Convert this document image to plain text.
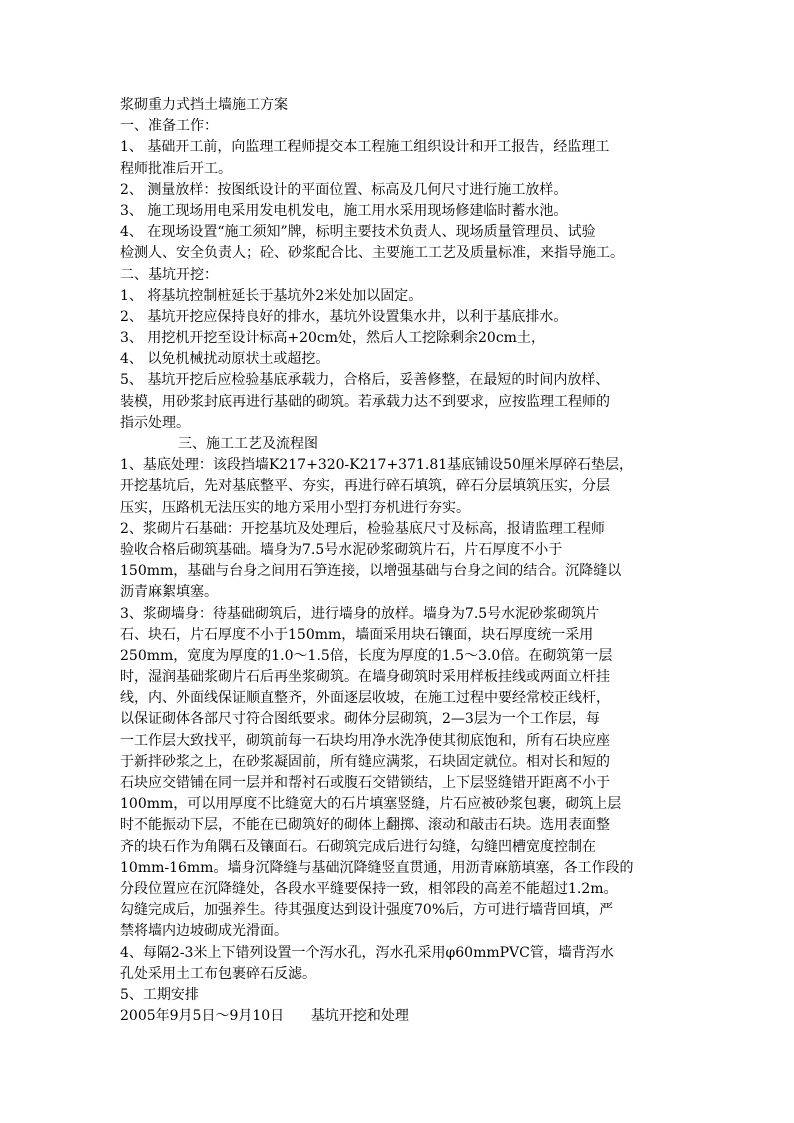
浆砌重力式挡土墙施工方案
一、准备工作：
1、 基础开工前，向监理工程师提交本工程施工组织设计和开工报告，经监理工
程师批准后开工。
2、 测量放样：按图纸设计的平面位置、标高及几何尺寸进行施工放样。
3、 施工现场用电采用发电机发电，施工用水采用现场修建临时蓄水池。
4、 在现场设置“施工须知”牌，标明主要技术负责人、现场质量管理员、试验
检测人、安全负责人；砼、砂浆配合比、主要施工工艺及质量标准，来指导施工。
二、基坑开挖：
1、 将基坑控制桩延长于基坑外2米处加以固定。
2、 基坑开挖应保持良好的排水，基坑外设置集水井，以利于基底排水。
3、 用挖机开挖至设计标高+20cm处，然后人工挖除剩余20cm土，
4、 以免机械扰动原状土或超挖。
5、 基坑开挖后应检验基底承载力，合格后，妥善修整，在最短的时间内放样、
装模，用砂浆封底再进行基础的砌筑。若承载力达不到要求，应按监理工程师的
指示处理。
三、施工工艺及流程图
1、基底处理：该段挡墙K217+320-K217+371.81基底铺设50厘米厚碎石垫层，
开挖基坑后，先对基底整平、夯实，再进行碎石填筑，碎石分层填筑压实，分层
压实，压路机无法压实的地方采用小型打夯机进行夯实。
2、浆砌片石基础：开挖基坑及处理后，检验基底尺寸及标高，报请监理工程师
验收合格后砌筑基础。墙身为7.5号水泥砂浆砌筑片石，片石厚度不小于
150mm，基础与台身之间用石笋连接，以增强基础与台身之间的结合。沉降缝以
沥青麻絮填塞。
3、浆砌墙身：待基础砌筑后，进行墙身的放样。墙身为7.5号水泥砂浆砌筑片
石、块石，片石厚度不小于150mm，墙面采用块石镶面，块石厚度统一采用
250mm，宽度为厚度的1.0～1.5倍，长度为厚度的1.5～3.0倍。在砌筑第一层
时，湿润基础浆砌片石后再坐浆砌筑。在墙身砌筑时采用样板挂线或两面立杆挂
线，内、外面线保证顺直整齐，外面逐层收坡，在施工过程中要经常校正线杆，
以保证砌体各部尺寸符合图纸要求。砌体分层砌筑，2—3层为一个工作层，每
一工作层大致找平，砌筑前每一石块均用净水洗净使其彻底饱和，所有石块应座
于新拌砂浆之上，在砂浆凝固前，所有缝应满浆，石块固定就位。相对长和短的
石块应交错铺在同一层并和帮衬石或腹石交错锁结，上下层竖缝错开距离不小于
100mm，可以用厚度不比缝宽大的石片填塞竖缝，片石应被砂浆包裹，砌筑上层
时不能振动下层，不能在已砌筑好的砌体上翻掷、滚动和敲击石块。选用表面整
齐的块石作为角隅石及镶面石。石砌筑完成后进行勾缝，勾缝凹槽宽度控制在
10mm-16mm。墙身沉降缝与基础沉降缝竖直贯通，用沥青麻筋填塞，各工作段的
分段位置应在沉降缝处，各段水平缝要保持一致，相邻段的高差不能超过1.2m。
勾缝完成后，加强养生。待其强度达到设计强度70%后，方可进行墙背回填，严
禁将墙内边坡砌成光滑面。
4、每隔2-3米上下错列设置一个泻水孔，泻水孔采用φ60mmPVC管，墙背泻水
孔处采用土工布包裹碎石反滤。
5、工期安排
2005年9月5日～9月10日      基坑开挖和处理
